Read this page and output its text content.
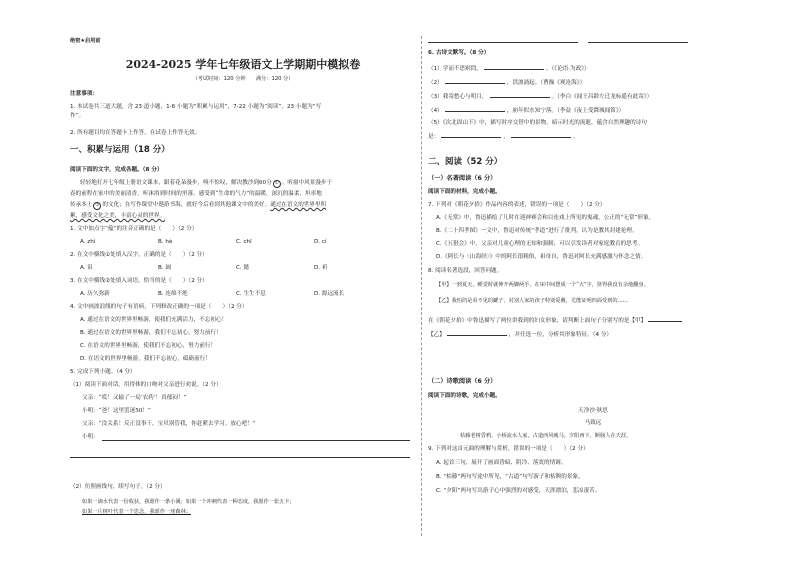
绝密★启用前
2024-2025 学年七年级语文上学期期中模拟卷
（考试时间：120 分钟　　满分：120 分）
注意事项：
1. 本试卷共三道大题，含 23 道小题，1-6 小题为“积累与运用”，7-22 小题为“阅读”，23 小题为“写
作”。
2. 所有题目均在答题卡上作答，在试卷上作答无效。
一、积累与运用（18 分）
阅读下面的文字，完成各题。（8 分）
轻轻地打开七年级上册语文课本，跟着花朵漫步，嗅不惊叹，解决教沙到60分 ① 。听窗中风景漫步于
春的前程在家中的美丽清香，听沐浴到时间的里落。感受到“生命的气力”的温暖，深沉的温柔，坦率地
传承本土 ② 的文化；在写作课堂中遨游书海，就好今后看到其他课文中的美好。通过在语文的世界里积
累，感受文化之美，丰富心灵的世界。
1. 文中加点字“蕴”的注音正确的是（　　）（2 分）
A. zhì	B. hè	C. chī	D. cí
2. 在文中横线①处填入汉字，正确的是（　　）（2 分）
A. 诅	B. 阔	C. 懿	D. 祈
3. 在文中横线②处填入词语，恰当的是（　　）（2 分）
A. 历久弥新	B. 连绵不绝	C. 生生不息	D. 源远流长
4. 文中画波浪线的句子有语病，下列修改正确的一项是（　　）（2 分）
A. 通过在语文的世界里畅游，使我们充满活力，不忘初心！
B. 通过在语文的世界里畅游，我们不忘初心，努力前行！
C. 在语文的世界里畅游，使我们不忘初心，努力前行！
D. 在语文的世界里畅游，我们不忘初心，砥砺前行！
5. 完成下列小题。（4 分）
（1）阅读下面对话，用得体的口吻对父亲进行劝说。（2 分）
父亲：“哎！又输了一局‘农药’！真郁闷！”
小明：“爸！这里罢迷50！”
父亲：“没关系！反正没事干，宝贝别管我，你赶紧去学习。放心吧！”
小明：
（2）仿照画线句，续写句子。（2 分）
如果一滴水代表一份收获，我愿作一条小溪；如果一个冲刺代表一种态度，我愿作一张五卡；
如果一片树叶代表一个思念，我愿作一座森林；
6. 古诗文默写。（8 分）
（1）学而不思则罔，	。（《论语·为政》）
（2）	，洪波涌起。（曹操《观沧海》）
（3）我寄愁心与明月，	。（李白《闻王昌龄左迁龙标遥有此寄》）
（4）	，崩年似水知宁落。（李益《夜上受降城闻笛》）
（5）《次北固山下》中，描写时序交替中的景物，暗示时光的流逝，蕴含自然理趣的诗句
是：	，	。
二、阅读（52 分）
（一）名著阅读（6 分）
阅读下面的材料，完成小题。
7. 下列对《朝花夕拾》作品内容的表述，错误的一项是（　　）（2 分）
A.《无常》中，鲁迅描绘了儿时在迎神赛会和目连戏上所见的鬼魂，公正的“无常”形象。
B.《二十四孝图》一文中，鲁迅对传统“孝道”进行了批判，认为是教其封建伦理。
C.《五猖会》中，父亲对儿童心理的无知和强制，可以引发读者对家庭教育的思考。
D.《阿长与〈山海经〉》中的阿长很粗俗，祖母自，鲁迅对阿长充满感激与怀念之情。
8. 阅读名著选段，回答问题。
【甲】一到夏天，睡觉时就伸开两脚两手，在床中间摆成一个“大”字，挤得我没有余地翻身。
【乙】我怕的是看不见的罐子，对别人家的孩子特别爱戴，尤能证明四面受到的……
在《朝花夕拾》中鲁迅描写了两位讲我到的妇女形象，请判断上面句子分别写的是【甲】
【乙】	，并任选一位，分析其形象特征。（4 分）
（二）诗歌阅读（6 分）
阅读下面的诗歌，完成小题。
天净沙·秋思
马致远
枯藤老树昏鸦，小桥流水人家，古道西风瘦马。夕阳西下，断肠人在天涯。
9. 下列对这首元曲的理解与赏析，错误的一项是（　　）（2 分）
A. 起首三句，展开了画面昏暗、阴冷、落寞的情调。
B. “枯藤”两句写途中所见，“古道”句写游子和枯颓的景象。
C. “夕阳”两句写出游子心中强烈的对感受，天涯漂泊，悲凉凄苦。
